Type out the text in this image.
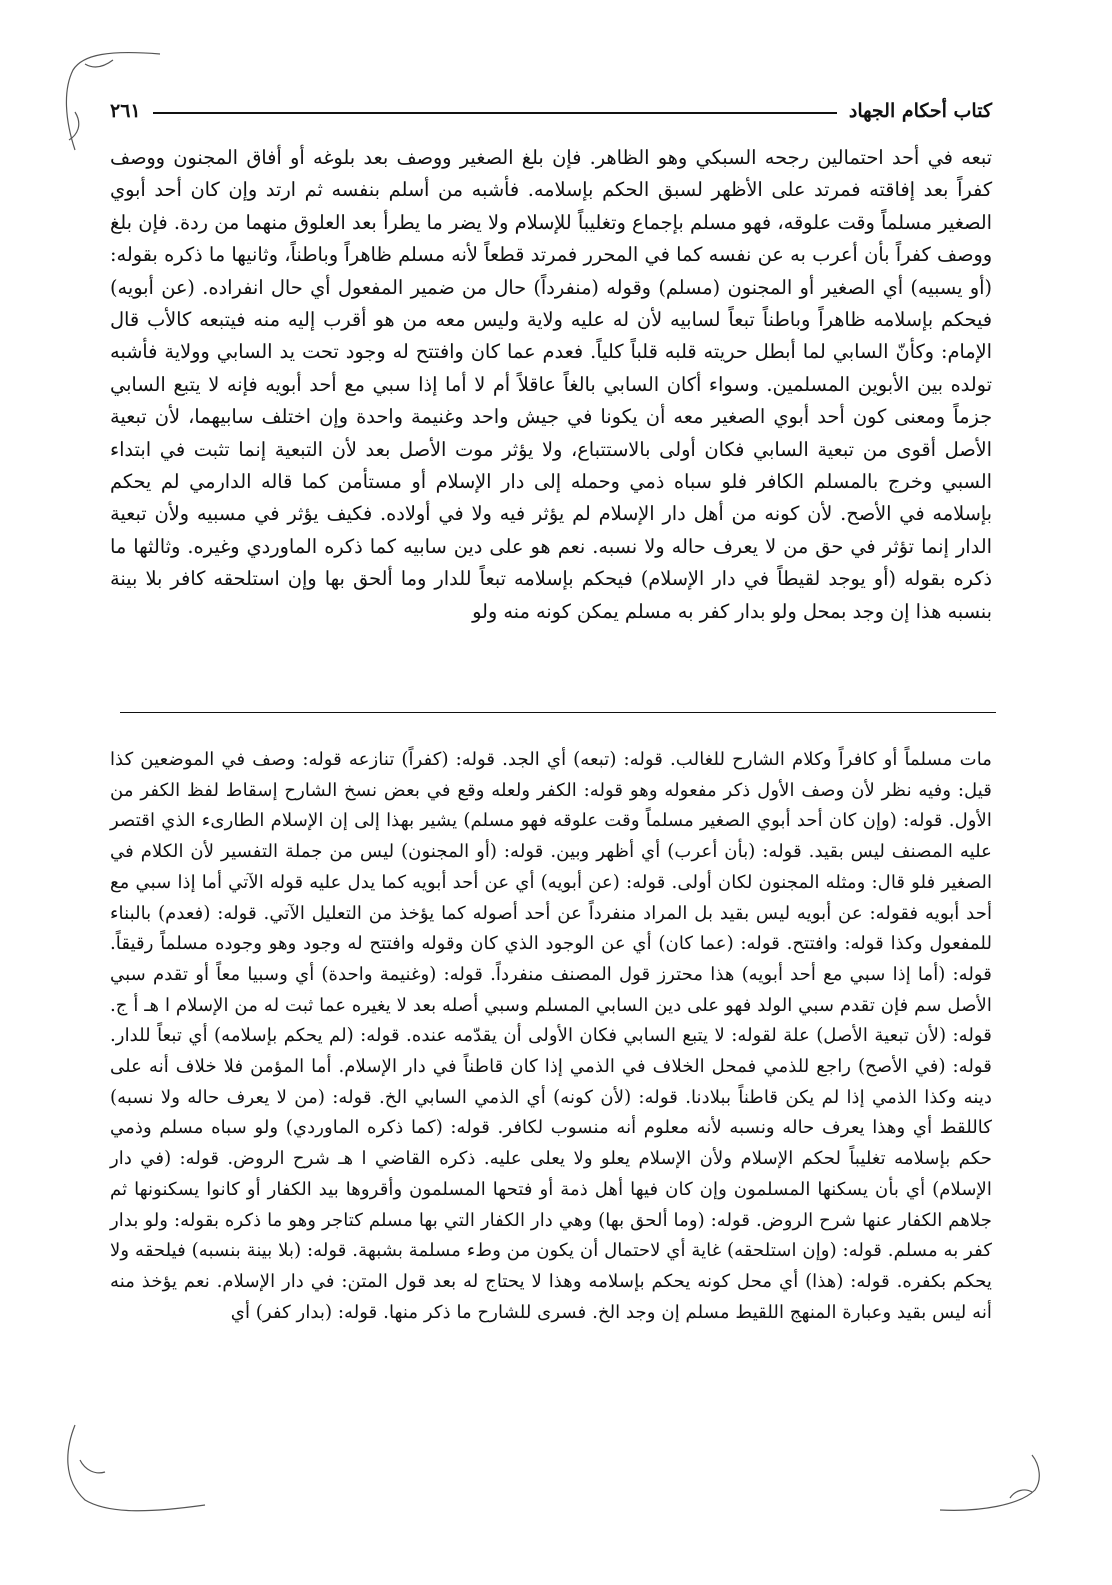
كتاب أحكام الجهاد
٢٦١

تبعه في أحد احتمالين رجحه السبكي وهو الظاهر. فإن بلغ الصغير ووصف بعد بلوغه أو أفاق المجنون ووصف كفراً بعد إفاقته فمرتد على الأظهر لسبق الحكم بإسلامه. فأشبه من أسلم بنفسه ثم ارتد وإن كان أحد أبوي الصغير مسلماً وقت علوقه، فهو مسلم بإجماع وتغليباً للإسلام ولا يضر ما يطرأ بعد العلوق منهما من ردة. فإن بلغ ووصف كفراً بأن أعرب به عن نفسه كما في المحرر فمرتد قطعاً لأنه مسلم ظاهراً وباطناً، وثانيها ما ذكره بقوله: (أو يسبيه) أي الصغير أو المجنون (مسلم) وقوله (منفرداً) حال من ضمير المفعول أي حال انفراده. (عن أبويه) فيحكم بإسلامه ظاهراً وباطناً تبعاً لسابيه لأن له عليه ولاية وليس معه من هو أقرب إليه منه فيتبعه كالأب قال الإمام: وكأنّ السابي لما أبطل حريته قلبه قلباً كلياً. فعدم عما كان وافتتح له وجود تحت يد السابي وولاية فأشبه تولده بين الأبوين المسلمين. وسواء أكان السابي بالغاً عاقلاً أم لا أما إذا سبي مع أحد أبويه فإنه لا يتبع السابي جزماً ومعنى كون أحد أبوي الصغير معه أن يكونا في جيش واحد وغنيمة واحدة وإن اختلف سابيهما، لأن تبعية الأصل أقوى من تبعية السابي فكان أولى بالاستتباع، ولا يؤثر موت الأصل بعد لأن التبعية إنما تثبت في ابتداء السبي وخرج بالمسلم الكافر فلو سباه ذمي وحمله إلى دار الإسلام أو مستأمن كما قاله الدارمي لم يحكم بإسلامه في الأصح. لأن كونه من أهل دار الإسلام لم يؤثر فيه ولا في أولاده. فكيف يؤثر في مسبيه ولأن تبعية الدار إنما تؤثر في حق من لا يعرف حاله ولا نسبه. نعم هو على دين سابيه كما ذكره الماوردي وغيره. وثالثها ما ذكره بقوله (أو يوجد لقيطاً في دار الإسلام) فيحكم بإسلامه تبعاً للدار وما ألحق بها وإن استلحقه كافر بلا بينة بنسبه هذا إن وجد بمحل ولو بدار كفر به مسلم يمكن كونه منه ولو

مات مسلماً أو كافراً وكلام الشارح للغالب. قوله: (تبعه) أي الجد. قوله: (كفراً) تنازعه قوله: وصف في الموضعين كذا قيل: وفيه نظر لأن وصف الأول ذكر مفعوله وهو قوله: الكفر ولعله وقع في بعض نسخ الشارح إسقاط لفظ الكفر من الأول. قوله: (وإن كان أحد أبوي الصغير مسلماً وقت علوقه فهو مسلم) يشير بهذا إلى إن الإسلام الطارىء الذي اقتصر عليه المصنف ليس بقيد. قوله: (بأن أعرب) أي أظهر وبين. قوله: (أو المجنون) ليس من جملة التفسير لأن الكلام في الصغير فلو قال: ومثله المجنون لكان أولى. قوله: (عن أبويه) أي عن أحد أبويه كما يدل عليه قوله الآتي أما إذا سبي مع أحد أبويه فقوله: عن أبويه ليس بقيد بل المراد منفرداً عن أحد أصوله كما يؤخذ من التعليل الآتي. قوله: (فعدم) بالبناء للمفعول وكذا قوله: وافتتح. قوله: (عما كان) أي عن الوجود الذي كان وقوله وافتتح له وجود وهو وجوده مسلماً رقيقاً. قوله: (أما إذا سبي مع أحد أبويه) هذا محترز قول المصنف منفرداً. قوله: (وغنيمة واحدة) أي وسبيا معاً أو تقدم سبي الأصل سم فإن تقدم سبي الولد فهو على دين السابي المسلم وسبي أصله بعد لا يغيره عما ثبت له من الإسلام ا هـ أ ج. قوله: (لأن تبعية الأصل) علة لقوله: لا يتبع السابي فكان الأولى أن يقدّمه عنده. قوله: (لم يحكم بإسلامه) أي تبعاً للدار. قوله: (في الأصح) راجع للذمي فمحل الخلاف في الذمي إذا كان قاطناً في دار الإسلام. أما المؤمن فلا خلاف أنه على دينه وكذا الذمي إذا لم يكن قاطناً ببلادنا. قوله: (لأن كونه) أي الذمي السابي الخ. قوله: (من لا يعرف حاله ولا نسبه) كاللقط أي وهذا يعرف حاله ونسبه لأنه معلوم أنه منسوب لكافر. قوله: (كما ذكره الماوردي) ولو سباه مسلم وذمي حكم بإسلامه تغليباً لحكم الإسلام ولأن الإسلام يعلو ولا يعلى عليه. ذكره القاضي ا هـ شرح الروض. قوله: (في دار الإسلام) أي بأن يسكنها المسلمون وإن كان فيها أهل ذمة أو فتحها المسلمون وأقروها بيد الكفار أو كانوا يسكنونها ثم جلاهم الكفار عنها شرح الروض. قوله: (وما ألحق بها) وهي دار الكفار التي بها مسلم كتاجر وهو ما ذكره بقوله: ولو بدار كفر به مسلم. قوله: (وإن استلحقه) غاية أي لاحتمال أن يكون من وطء مسلمة بشبهة. قوله: (بلا بينة بنسبه) فيلحقه ولا يحكم بكفره. قوله: (هذا) أي محل كونه يحكم بإسلامه وهذا لا يحتاج له بعد قول المتن: في دار الإسلام. نعم يؤخذ منه أنه ليس بقيد وعبارة المنهج اللقيط مسلم إن وجد الخ. فسرى للشارح ما ذكر منها. قوله: (بدار كفر) أي
